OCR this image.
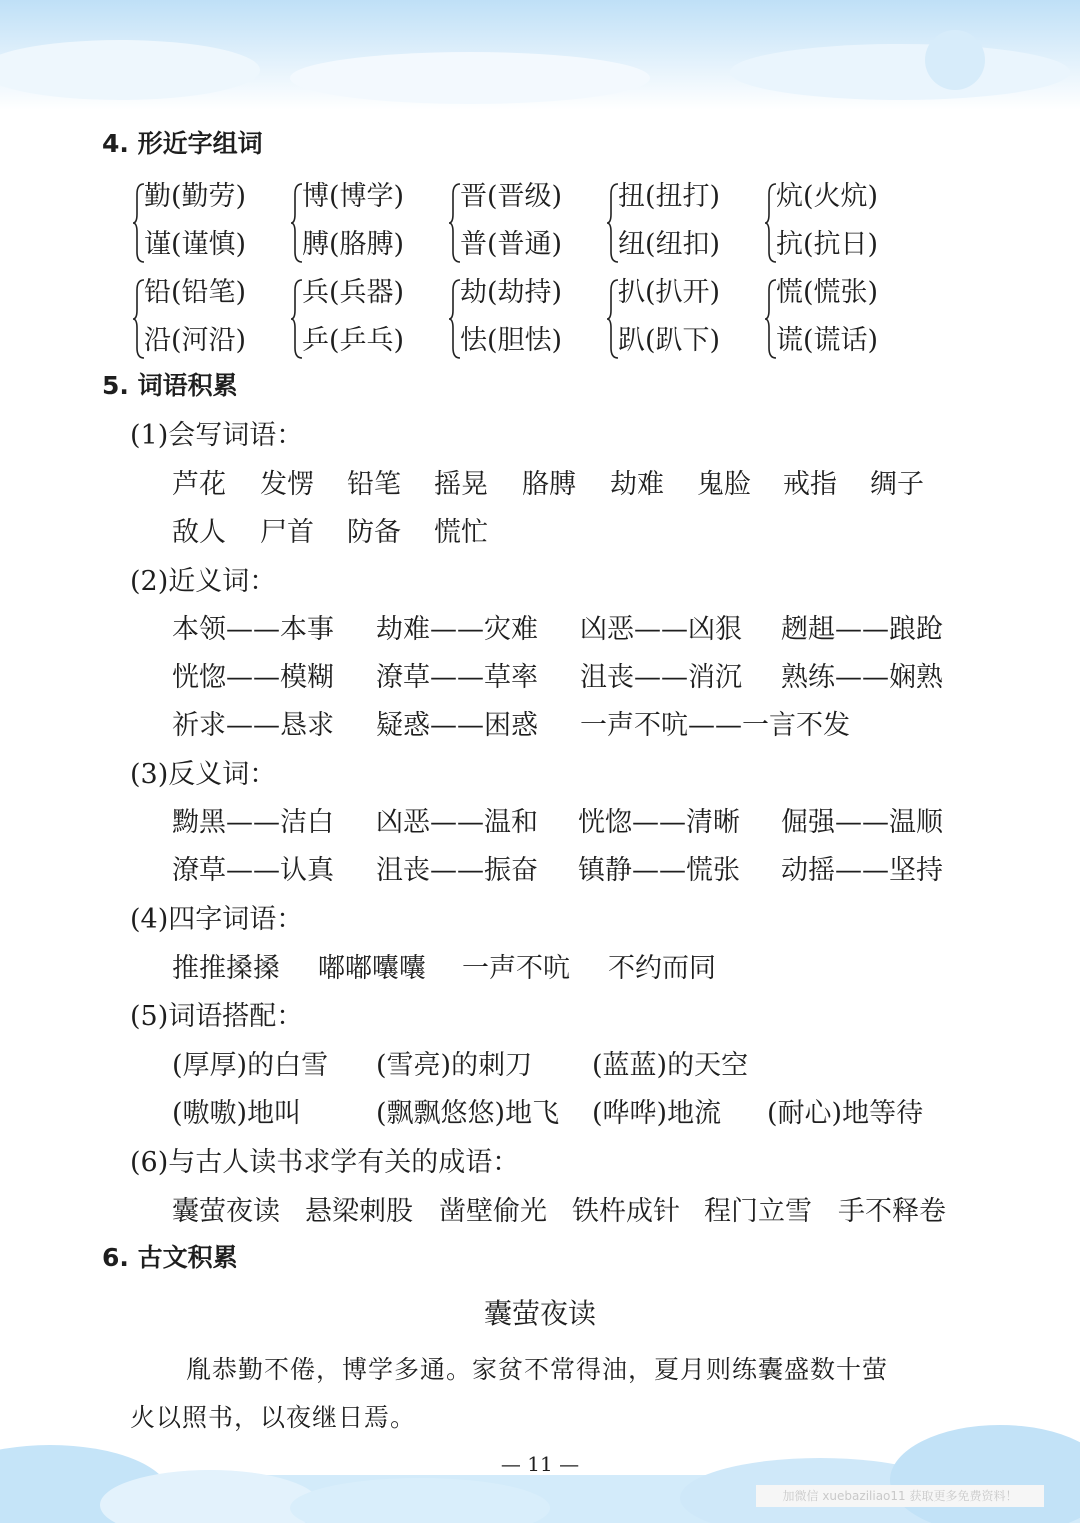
4. 形近字组词
勤(勤劳)
谨(谨慎)
博(博学)
膊(胳膊)
晋(晋级)
普(普通)
扭(扭打)
纽(纽扣)
炕(火炕)
抗(抗日)
铅(铅笔)
沿(河沿)
兵(兵器)
乒(乒乓)
劫(劫持)
怯(胆怯)
扒(扒开)
趴(趴下)
慌(慌张)
谎(谎话)
5. 词语积累
(1)会写词语：
芦花 发愣 铅笔 摇晃 胳膊 劫难 鬼脸 戒指 绸子
敌人 尸首 防备 慌忙
(2)近义词：
本领——本事 劫难——灾难 凶恶——凶狠 趔趄——踉跄
恍惚——模糊 潦草——草率 沮丧——消沉 熟练——娴熟
祈求——恳求 疑惑——困惑 一声不吭——一言不发
(3)反义词：
黝黑——洁白 凶恶——温和 恍惚——清晰 倔强——温顺
潦草——认真 沮丧——振奋 镇静——慌张 动摇——坚持
(4)四字词语：
推推搡搡 嘟嘟囔囔 一声不吭 不约而同
(5)词语搭配：
(厚厚)的白雪 (雪亮)的刺刀 (蓝蓝)的天空
(嗷嗷)地叫	(飘飘悠悠)地飞 (哗哗)地流 (耐心)地等待
(6)与古人读书求学有关的成语：
囊萤夜读 悬梁刺股 凿壁偷光 铁杵成针 程门立雪 手不释卷
6. 古文积累
囊萤夜读
胤恭勤不倦，博学多通。家贫不常得油，夏月则练囊盛数十萤
火以照书，以夜继日焉。
— 11 —
加微信 xuebaziliao11 获取更多免费资料！
